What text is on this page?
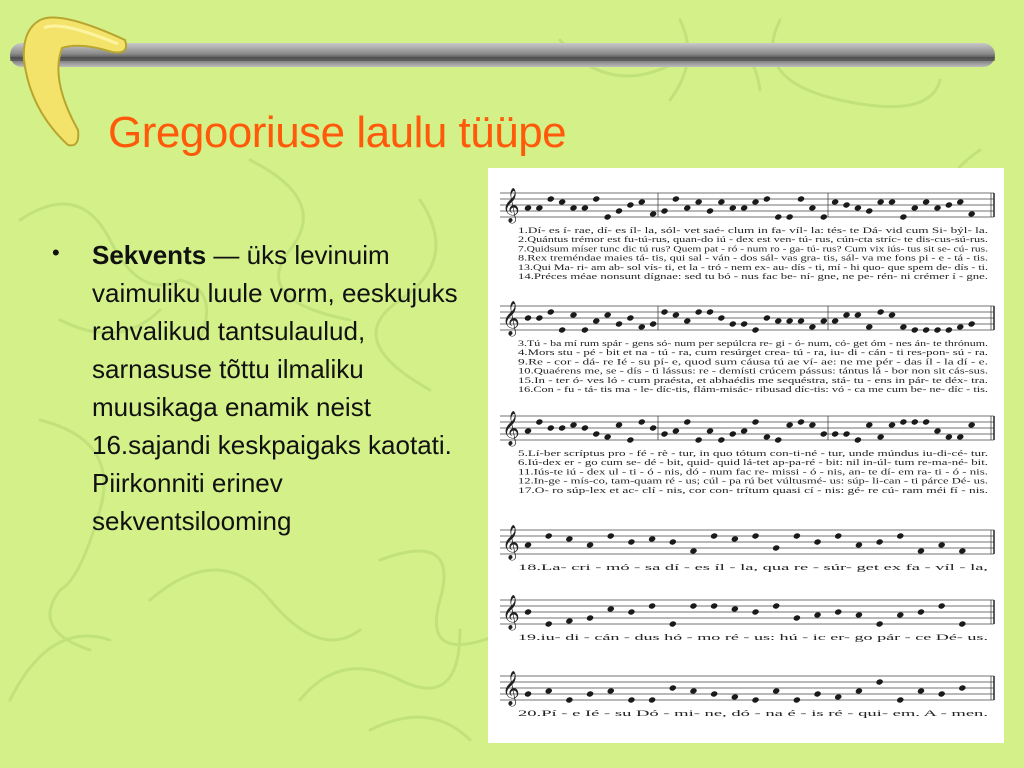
Gregooriuse laulu tüüpe
• Sekvents — üks levinuim vaimuliku luule vorm, eeskujuks rahvalikud tantsulaulud, sarnasuse tõttu ilmaliku muusikaga enamik neist 16.sajandi keskpaigaks kaotati. Piirkonniti erinev sekventsilooming
𝄞
1.Dí- es í- rae, dí- es íl- la, sól- vet saé- clum in fa- víl- la: tés- te Dá- vid cum Si- býl- la.
2.Quántus trémor est fu-tú-rus, quan-do iú - dex est ven- tú- rus, cún-cta stríc- te dis-cus-sú-rus.
7.Quidsum míser tunc dic tú rus? Quem pat - ró - num ro - ga- tú- rus? Cum vix iús- tus sit se- cú- rus.
8.Rex treméndae maies tá- tis, qui sal - ván - dos sál- vas gra- tis, sál- va me fons pi - e - tá - tis.
13.Qui Ma- ri- am ab- sol vís- ti, et la - tró - nem ex- au- dís - ti, mí - hi quo- que spem de- dís - ti.
14.Préces méae nonsunt dígnae: sed tu bó - nus fac be- ní- gne, ne pe- rén- ni crémer í - gne.
𝄞
3.Tú - ba mí rum spár - gens só- num per sepúlcra re- gi - ó- num, có- get óm - nes án- te thrónum.
4.Mors stu - pé - bit et na - tú - ra, cum resúrget crea- tú - ra, iu- di - cán - ti res-pon- sú - ra.
9.Re - cor - dá- re Ié - su pí- e, quod sum cáusa tú ae ví- ae: ne me pér - das íl - la dí - e.
10.Quaérens me, se - dís - ti lássus: re - demísti crúcem pássus: tántus lá - bor non sit cás-sus.
15.In - ter ó- ves ló - cum praésta, et abhaédis me sequéstra, stá- tu - ens in pár- te déx- tra.
16.Con - fu - tá- tis ma - le- díc-tis, flám-misác- ribusad díc-tis: vó - ca me cum be- ne- díc - tis.
𝄞
5.Lí-ber scríptus pro - fé - rè - tur, in quo tótum con-ti-né - tur, unde múndus iu-di-cé- tur.
6.Iú-dex er - go cum se- dé - bit, quid- quid lá-tet ap-pa-ré - bit: nil in-úl- tum re-ma-né- bit.
11.Iús-te iú - dex ul - ti - ó - nis, dó - num fac re- missi - ó - nis, an- te dí- em ra- ti - ó - nis.
12.In-ge - mís-co, tam-quam ré - us; cúl - pa rú bet vúltusmé- us: súp- li-can - ti párce Dé- us.
17.O- ro súp-lex et ac- clí - nis, cor con- trítum quasi cí - nis: gé- re cú- ram méi fí - nis.
𝄞
18.La- cri - mó - sa dí - es íl - la, qua re - súr- get ex fa - víl - la,
𝄞
19.iu- di - cán - dus hó - mo ré - us: hú - ic er- go pár - ce Dé- us.
𝄞
20.Pí - e Ié - su Dó - mi- ne, dó - na é - is ré - qui- em. A - men.
